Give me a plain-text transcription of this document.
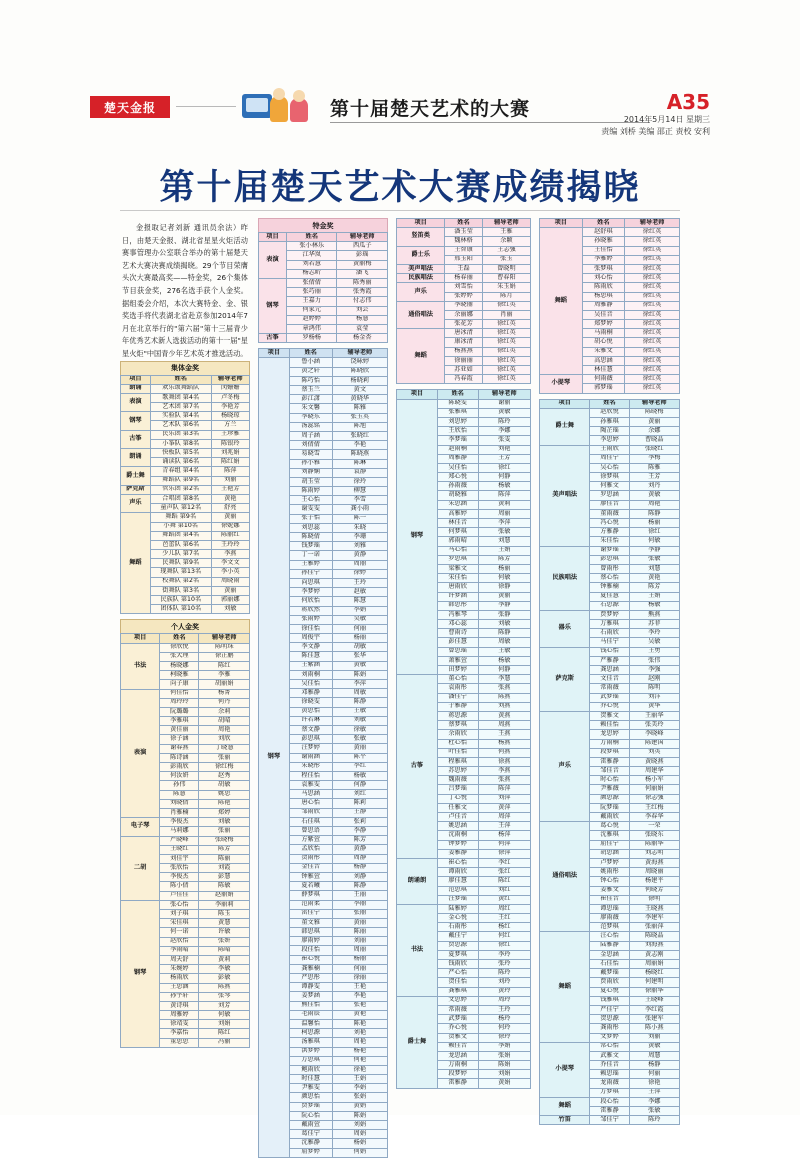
楚天金报	第十届楚天艺术的大赛	A35
2014年5月14日 星期三
责编 刘桥 美编 邵正 责校 安利
第十届楚天艺术大赛成绩揭晓
金报取记者刘新 通讯员余法）昨日，由楚天金报、湖北省星星火炬活动赛事管理办公室联合举办的第十届楚天艺术大赛决赛成绩揭晓。29个节目荣膺头次大赛最高奖——特金奖，26个集体节目获金奖，276名选手获个人金奖。据组委会介绍，本次大赛特金、金、银奖选手将代表湖北省赴京参加2014年7月在北京举行的"第六届"第十三届青少年优秀艺术新人选拔活动的第十一届"星星火炬"中国青少年艺术英才推选活动。
集体金奖
项目	姓名	辅导老师
朗诵	欢乐颂舞蹈队	闵姗姗
表演	歌舞团 第4名	卢冬梅
	艺术团 第7名	李艳芳
钢琴	实验队 第4名	杨晓琼
	艺术队 第6名	方兰
古筝	民乐团 第3名	王珍雅
	小筝队 第8名	陈银玲
朗诵	快板队 第5名	刘兆娟
	诵读队 第6名	陈红娟
爵士舞	青春组 第4名	陈萍
	舞蹈队 第9名	刘丽
萨克斯	管乐团 第2名	王艳芳
声乐	合唱团 第8名	黄艳
	童声队 第12名	舒亮
舞蹈	舞蹈 第9名	黄丽
	小舞 第10名	徐妮娜
	舞蹈团 第4名	陈丽红
	芭蕾队 第6名	王玲玲
	少儿队 第7名	李燕
	民舞队 第9名	李文文
	现舞队 第13名	李小英
	校舞队 第2名	周晓雨
	街舞队 第3名	黄丽
	民族队 第10名	郭丽娜
	团体队 第10名	刘敏
个人金奖
项目	姓名	辅导老师
书法	徐欣悦	陈明珠
	张大理	徐正鹏
	杨晓娜	陈红
	柯晓雅	李雅
	向子康	胡丽娟
表演	何佳怡	杨菁
	周玲玲	何丹
	阮璐璐	余莉
	李雅琪	胡晴
	黄佳丽	周艳
	徐子涵	刘欣
	谢春燕	丁晓慧
	陈诗涵	张丽
	彭雨欣	徐红梅
	何汝妍	赵秀
	孙伟	胡敏
	陈慧	姚思
	刘晓倩	陈艳
	肖雅楠	郑婷
电子琴	李俊杰	刘敏
	马莉娜	张丽
二胡	严晓峰	张晓梅
	王晓红	陈芳
	刘佳宇	陈丽
	张欣怡	刘霞
	李俊杰	彭慧
	陈小倩	陈敏
	卢佳佳	赵丽娟
钢琴	张心怡	李丽莉
	刘子琪	陈玉
	宋佳琪	黄慧
	何一诺	许敏
	赵欣怡	张妍
	李雨晴	陈晴
	周天舒	黄莉
	朱婉婷	李敏
	杨雨欣	彭敏
	王思涵	陈燕
	孙宇轩	张琴
	黄诗琪	刘芳
	周雅婷	何敏
	徐靖雯	刘娟
	李嘉怡	陈红
	董思思	冯丽
特金奖
项目	姓名	辅导老师
表演	张小林乐	西瓜子
	江华岚	彭瑶
	刘若慧	黄丽梅
	杨志昕	潘飞
钢琴	张倩倩	陈秀丽
	张巧丽	张秀霞
	王嘉力	付志伟
	何家元	刘芸
	赵婷婷	杨慧
	章鸿伟	袁莹
古筝	罗杨杨	杨金杏
项目	姓名	辅导老师
钢琴	鲁小涵	饶咏婷
	黄之轩	陈晓欣
	陈巧怡	杨晓莉
	蔡玉兰	黄文
	彭江潇	黄晓华
	朱文馨	陈雅
	李晓东	张玉英
	汤蕊铭	陈旭
	周子涵	张晓红
	刘倩倩	李艳
	易晓雪	陈晓燕
	孙小雅	陈琳
	刘静娴	袁静
	胡玉莹	徐玲
	陈雨婷	柳慧
	王心怡	李雪
	谢雯雯	龚小雨
	张子怡	陈一
	刘思蕊	朱晓
	陈晓倩	李珊
	钱梦瑶	刘雅
	丁一诺	黄静
	王雅婷	周丽
	孙佳宁	徐婷
	向思琪	王玲
	李梦婷	赵敏
	何欣怡	陈慧
	蒋欣然	李娟
	张雨婷	吴敏
	徐佳怡	何丽
	周俊宇	杨丽
	李文静	胡敏
	陈佳慧	张华
	王紫涵	黄敏
	刘雨桐	陈娟
	吴佳怡	李萍
	邓雅静	周敏
	徐晓雯	陈静
	黄思怡	王敏
	许若琳	刘敏
	蔡文静	徐敏
	彭思琪	张敏
	汪梦婷	黄丽
	谢雨涵	陈平
	朱晓彤	李红
	程佳怡	杨敏
	袁雅雯	何静
	马思涵	刘红
	唐心怡	陈莉
	邹雨欣	王静
	石佳琪	张莉
	曾思语	李静
	方紫萱	陈芳
	孟欣怡	黄静
	贺雨彤	周静
	金佳音	杨静
	钟雅萱	刘静
	夏若曦	陈静
	薛梦琪	王丽
	范雨柔	李丽
	雷佳宁	张丽
	董文雅	黄丽
	韩思琪	陈丽
	廖雨婷	刘丽
	段佳怡	周丽
	崔心悦	杨丽
	龚雅楠	何丽
	严思彤	徐丽
	谭静雯	王艳
	姜梦涵	李艳
	熊佳怡	张艳
	毛雨辰	黄艳
	温馨怡	陈艳
	柯思源	刘艳
	汤雅琪	周艳
	洪梦婷	杨艳
	万思琪	何艳
	鲍雨欣	徐艳
	时佳慧	王娟
	尹雅雯	李娟
	颜思怡	张娟
	贾梦瑶	黄娟
	阮心怡	陈娟
	戴雨萱	刘娟
	葛佳宁	周娟
	沈雅静	杨娟
	屈梦婷	何娟
项目	姓名	辅导老师
竖笛类	潘玉莹	王雅
	魏林格	余颖
爵士乐	王智康	王志强
	邢玉阳	张玉
美声唱法	王磊	曾晓明
民族唱法	杨春丽	曹春阳
声乐	刘雪怡	朱玉娟
	张婷婷	陈月
通俗唱法	李晓丽	徐红英
	余丽娜	肖丽
	张花芳	徐红英
舞蹈	唐冰清	徐红英
	康冰清	徐红英
	杨燕燕	徐红英
	徐丽丽	徐红英
	苏亚如	徐红英
	冯春霞	徐红英
项目	姓名	辅导老师
钢琴	陈晓雯	谢丽
	张雅琪	黄敏
	刘思婷	陈玲
	王欣怡	李娜
	李梦瑶	张雯
	赵雨桐	刘艳
	周雅静	王芳
	吴佳怡	徐红
	郑心悦	何静
	孙雨薇	杨敏
	胡晓雅	陈萍
	朱思涵	黄莉
	高雅婷	周丽
	林佳音	李萍
	何梦琪	张敏
	郭雨晴	刘慧
	马心怡	王娟
	罗思琪	陈芳
	梁雅文	杨丽
	宋佳怡	何敏
	唐雨欣	徐静
	许梦涵	黄丽
	韩思彤	李静
	冯雅琴	张静
	邓心蕊	刘敏
	曹雨诗	陈静
	彭佳慧	周敏
	曾思瑶	王敏
	萧雅萱	杨敏
	田梦婷	何静
古筝	董心怡	李慧
	袁雨彤	张燕
	潘佳宁	陈燕
	于雅静	刘燕
	蒋思源	黄燕
	蔡梦琪	周燕
	余雨欣	王燕
	杜心怡	杨燕
	叶佳怡	何燕
	程雅琪	徐燕
	苏思婷	李燕
	魏雨薇	张燕
	吕梦瑶	陈萍
	丁心悦	刘萍
	任雅文	黄萍
	卢佳音	周萍
	姚思涵	王萍
	沈雨桐	杨萍
	钟梦婷	何萍
	姜雅静	徐萍
朗诵朗	崔心怡	李红
	谭雨欣	张红
	廖佳慧	陈红
	范思琪	刘红
	汪梦瑶	黄红
书法	陆雅婷	周红
	金心悦	王红
	石雨彤	杨红
	戴佳宁	何红
	贾思源	徐红
	夏梦琪	李玲
	钱雨欣	张玲
	严心怡	陈玲
	贺佳怡	刘玲
	龚雅琪	黄玲
爵士舞	文思婷	周玲
	常雨薇	王玲
	武梦瑶	杨玲
	乔心悦	何玲
	贺雅文	徐玲
	赖佳音	李娟
	龙思涵	张娟
	万雨桐	陈娟
	段梦婷	刘娟
	雷雅静	黄娟
项目	姓名	辅导老师
舞蹈	赵舒琪	徐红英
	孙晓雅	徐红英
	王佳怡	徐红英
	李雅婷	徐红英
	张梦琪	徐红英
	刘心怡	徐红英
	陈雨欣	徐红英
	杨思琪	徐红英
	周雅静	徐红英
	吴佳音	徐红英
	郑梦婷	徐红英
	马雨桐	徐红英
	胡心悦	徐红英
	朱雅文	徐红英
	高思涵	徐红英
	林佳慧	徐红英
小提琴	何雨薇	徐红英
	郭梦瑶	徐红英
项目	姓名	辅导老师
爵士舞	赵欣悦	陈晓梅
	孙雅琪	黄丽
	陶芷瑶	余娜
	李思婷	曹晓晶
美声唱法	王雨欣	张晓红
	周佳宁	李梅
	吴心怡	陈雅
	徐梦琪	王芳
	何雅文	刘丹
	罗思涵	黄敏
	廖佳音	周艳
	董雨薇	陈静
	冯心悦	杨丽
	方雅静	徐红
	朱佳怡	何敏
民族唱法	谢梦瑶	李静
	彭思琪	张敏
	曾雨彤	刘慧
	蔡心怡	黄艳
	钟雅楠	陈芳
	夏佳慧	王娟
	石思源	杨敏
器乐	贾梦婷	熊燕
	万雅琪	苏菲
	石雨欣	李玲
	马佳宁	吴敏
萨克斯	钱心怡	王勇
	严雅静	张伟
	龚思涵	李强
	文佳音	赵刚
	常雨薇	陈明
	武梦瑶	刘洋
	乔心悦	黄华
声乐	贺雅文	王丽华
	赖佳怡	张美玲
	龙思婷	李晓峰
	万雨桐	陈建国
	段梦琪	刘英
	雷雅静	黄晓燕
	邹佳音	周建华
	时心怡	杨小军
	尹雅薇	何丽娟
	颜思源	徐志强
	阮梦瑶	王红梅
	戴雨欣	李春华
通俗唱法	葛心悦	一荣
	沈雅琪	张晓东
	屈佳宁	陈丽华
	胡思涵	刘志明
	卢梦婷	黄海燕
	姚雨彤	周晓丽
	钟心怡	杨建平
	姜雅文	何晓芳
	崔佳音	徐明
	谭思瑶	王晓燕
	廖雨薇	李建军
	范梦琪	张丽萍
舞蹈	汪心怡	陈晓晶
	陆雅静	刘海燕
	金思涵	黄志刚
	石佳怡	周丽娟
	戴梦瑶	杨晓红
	贾雨欣	何建明
	夏心悦	徐丽华
	钱雅琪	王晓峰
	严佳宁	李红霞
	贺思源	张建军
	龚雨彤	陈小燕
	文梦婷	刘丽
小提琴	常心怡	黄敏
	武雅文	周慧
	乔佳音	杨静
	赖思瑶	何丽
	龙雨薇	徐艳
	万梦琪	王萍
舞蹈	段心怡	李娜
	雷雅静	张敏
竹笛	邹佳宁	陈玲
